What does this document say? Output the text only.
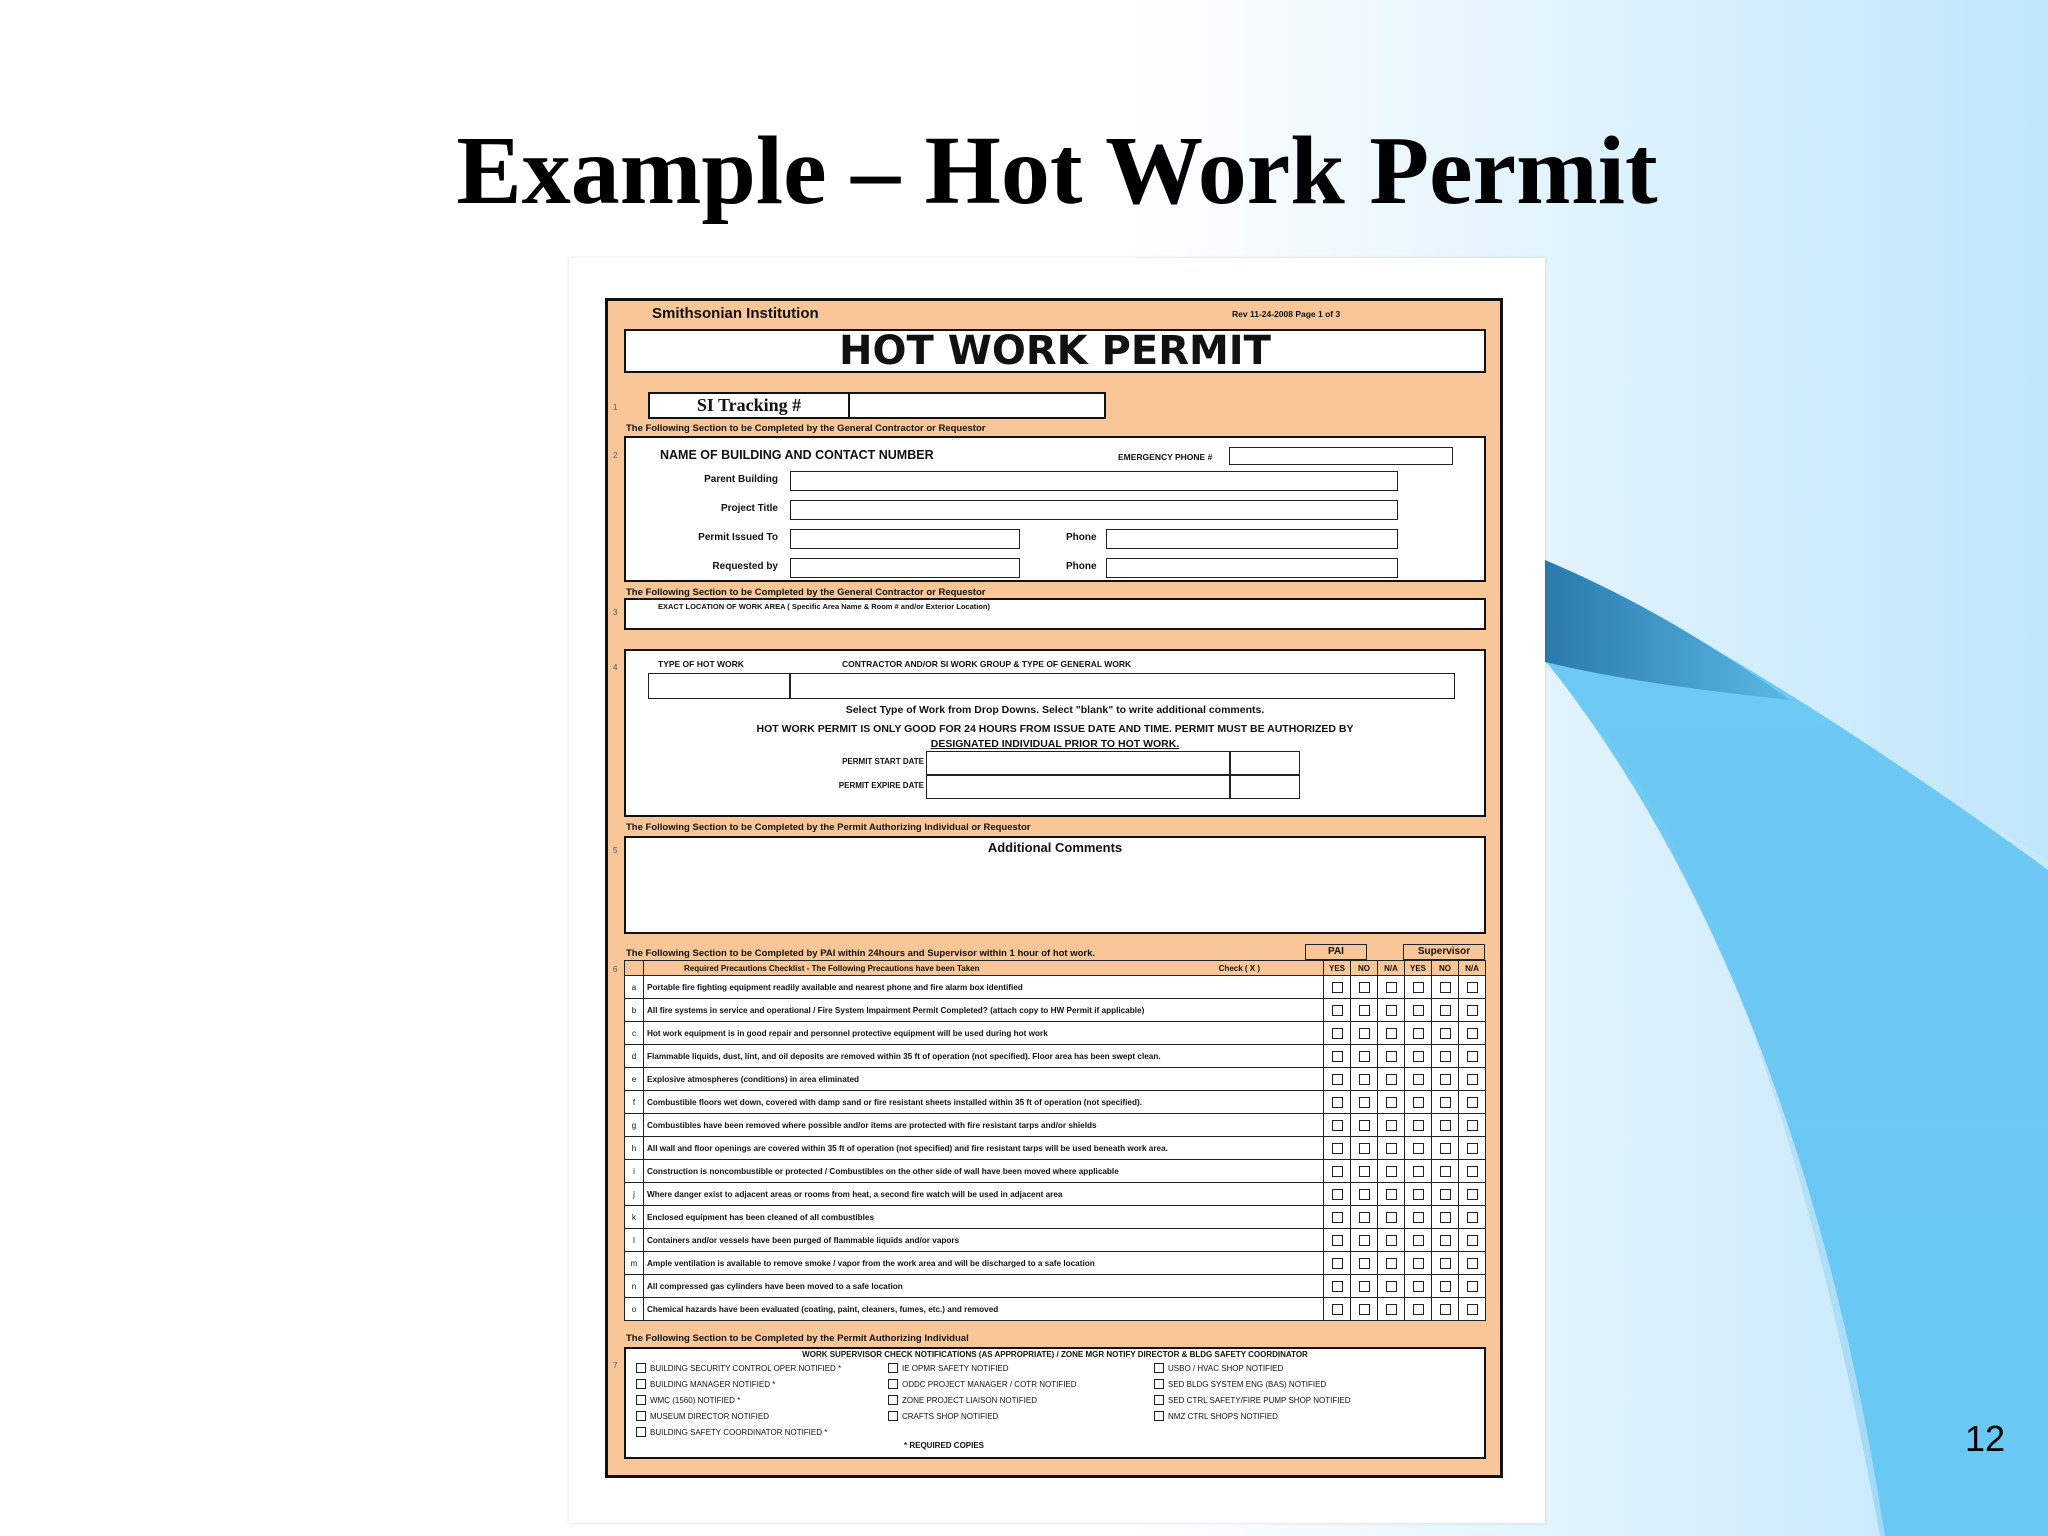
Example – Hot Work Permit
12
Smithsonian Institution	Rev 11-24-2008 Page 1 of 3
HOT WORK PERMIT
1	SI Tracking #
The Following Section to be Completed by the General Contractor or Requestor
2	NAME OF BUILDING AND CONTACT NUMBER	EMERGENCY PHONE #
Parent Building
Project Title
Permit Issued To	Phone
Requested by	Phone
The Following Section to be Completed by the General Contractor or Requestor
3
EXACT LOCATION OF WORK AREA ( Specific Area Name & Room # and/or Exterior Location)
4	TYPE OF HOT WORK	CONTRACTOR AND/OR SI WORK GROUP & TYPE OF GENERAL WORK
Select Type of Work from Drop Downs. Select "blank" to write additional comments.
HOT WORK PERMIT IS ONLY GOOD FOR 24 HOURS FROM ISSUE DATE AND TIME. PERMIT MUST BE AUTHORIZED BY
DESIGNATED INDIVIDUAL PRIOR TO HOT WORK.
PERMIT START DATE
PERMIT EXPIRE DATE
The Following Section to be Completed by the Permit Authorizing Individual or Requestor
5	Additional Comments
The Following Section to be Completed by PAI within 24hours and Supervisor within 1 hour of hot work.	PAI	Supervisor
6
		Required Precautions Checklist - The Following Precautions have been Taken Check ( X )	YES	NO	N/A	YES	NO	N/A
a	Portable fire fighting equipment readily available and nearest phone and fire alarm box identified						
b	All fire systems in service and operational / Fire System Impairment Permit Completed? (attach copy to HW Permit if applicable)						
c	Hot work equipment is in good repair and personnel protective equipment will be used during hot work						
d	Flammable liquids, dust, lint, and oil deposits are removed within 35 ft of operation (not specified). Floor area has been swept clean.						
e	Explosive atmospheres (conditions) in area eliminated						
f	Combustible floors wet down, covered with damp sand or fire resistant sheets installed within 35 ft of operation (not specified).						
g	Combustibles have been removed where possible and/or items are protected with fire resistant tarps and/or shields						
h	All wall and floor openings are covered within 35 ft of operation (not specified) and fire resistant tarps will be used beneath work area.						
i	Construction is noncombustible or protected / Combustibles on the other side of wall have been moved where applicable						
j	Where danger exist to adjacent areas or rooms from heat, a second fire watch will be used in adjacent area						
k	Enclosed equipment has been cleaned of all combustibles						
l	Containers and/or vessels have been purged of flammable liquids and/or vapors						
m	Ample ventilation is available to remove smoke / vapor from the work area and will be discharged to a safe location						
n	All compressed gas cylinders have been moved to a safe location						
o	Chemical hazards have been evaluated (coating, paint, cleaners, fumes, etc.) and removed						
The Following Section to be Completed by the Permit Authorizing Individual
7
WORK SUPERVISOR CHECK NOTIFICATIONS (AS APPROPRIATE) / ZONE MGR NOTIFY DIRECTOR & BLDG SAFETY COORDINATOR
BUILDING SECURITY CONTROL OPER NOTIFIED *
BUILDING MANAGER NOTIFIED *
WMC (1560) NOTIFIED *
MUSEUM DIRECTOR NOTIFIED
BUILDING SAFETY COORDINATOR NOTIFIED *
IE OPMR SAFETY NOTIFIED
ODDC PROJECT MANAGER / COTR NOTIFIED
ZONE PROJECT LIAISON NOTIFIED
CRAFTS SHOP NOTIFIED
USBO / HVAC SHOP NOTIFIED
SED BLDG SYSTEM ENG (BAS) NOTIFIED
SED CTRL SAFETY/FIRE PUMP SHOP NOTIFIED
NMZ CTRL SHOPS NOTIFIED
* REQUIRED COPIES
